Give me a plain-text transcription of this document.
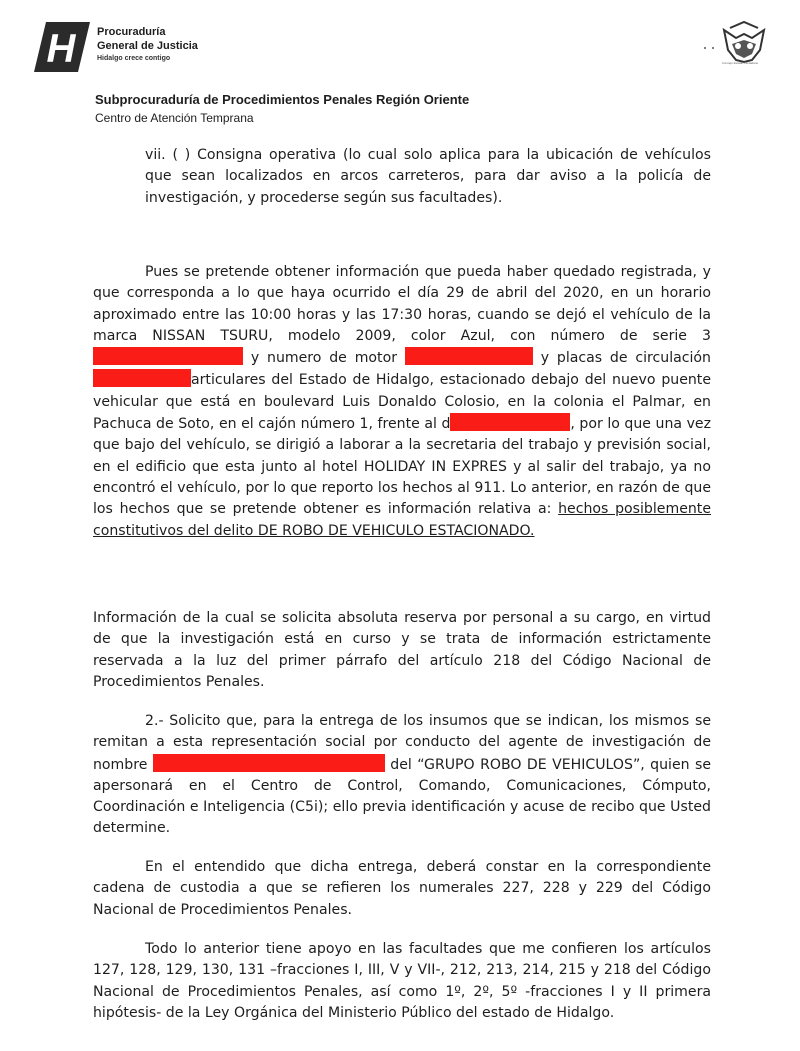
H Procuraduría
General de Justicia
Hidalgo crece contigo
Consejo Estatal Ciudadano
Subprocuraduría de Procedimientos Penales Región Oriente
Centro de Atención Temprana

vii. ( ) Consigna operativa (lo cual solo aplica para la ubicación de vehículos que sean localizados en arcos carreteros, para dar aviso a la policía de investigación, y procederse según sus facultades).

Pues se pretende obtener información que pueda haber quedado registrada, y que corresponda a lo que haya ocurrido el día 29 de abril del 2020, en un horario aproximado entre las 10:00 horas y las 17:30 horas, cuando se dejó el vehículo de la marca NISSAN TSURU, modelo 2009, color Azul, con número de serie 3 y numero de motor	y placas de circulación articulares del Estado de Hidalgo, estacionado debajo del nuevo puente vehicular que está en boulevard Luis Donaldo Colosio, en la colonia el Palmar, en Pachuca de Soto, en el cajón número 1, frente al d	, por lo que una vez que bajo del vehículo, se dirigió a laborar a la secretaria del trabajo y previsión social, en el edificio que esta junto al hotel HOLIDAY IN EXPRES y al salir del trabajo, ya no encontró el vehículo, por lo que reporto los hechos al 911. Lo anterior, en razón de que los hechos que se pretende obtener es información relativa a: hechos posiblemente constitutivos del delito DE ROBO DE VEHICULO ESTACIONADO.

Información de la cual se solicita absoluta reserva por personal a su cargo, en virtud de que la investigación está en curso y se trata de información estrictamente reservada a la luz del primer párrafo del artículo 218 del Código Nacional de Procedimientos Penales.

2.- Solicito que, para la entrega de los insumos que se indican, los mismos se remitan a esta representación social por conducto del agente de investigación de nombre	del “GRUPO ROBO DE VEHICULOS”, quien se apersonará en el Centro de Control, Comando, Comunicaciones, Cómputo, Coordinación e Inteligencia (C5i); ello previa identificación y acuse de recibo que Usted determine.

En el entendido que dicha entrega, deberá constar en la correspondiente cadena de custodia a que se refieren los numerales 227, 228 y 229 del Código Nacional de Procedimientos Penales.

Todo lo anterior tiene apoyo en las facultades que me confieren los artículos 127, 128, 129, 130, 131 –fracciones I, III, V y VII-, 212, 213, 214, 215 y 218 del Código Nacional de Procedimientos Penales, así como 1º, 2º, 5º -fracciones I y II primera hipótesis- de la Ley Orgánica del Ministerio Público del estado de Hidalgo.
